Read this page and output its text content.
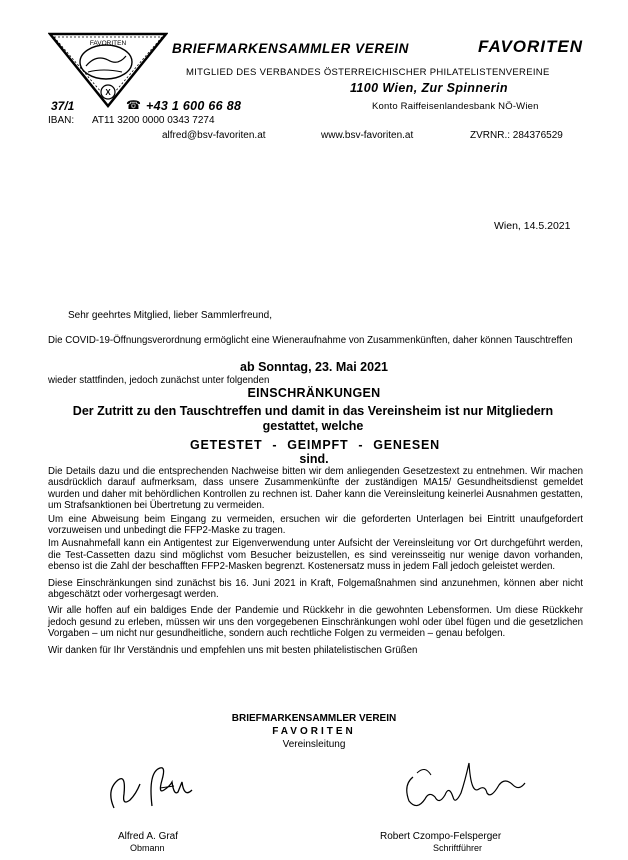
FAVORITEN
X
BRIEFMARKENSAMMLER VEREIN	FAVORITEN
MITGLIED DES VERBANDES ÖSTERREICHISCHER PHILATELISTENVEREINE
1100 Wien, Zur Spinnerin
37/1	☎ +43 1 600 66 88	Konto Raiffeisenlandesbank NÖ-Wien
IBAN: AT11 3200 0000 0343 7274
alfred@bsv-favoriten.at	www.bsv-favoriten.at	ZVRNR.: 284376529
Wien, 14.5.2021
Sehr geehrtes Mitglied, lieber Sammlerfreund,
Die COVID-19-Öffnungsverordnung ermöglicht eine Wieneraufnahme von Zusammenkünften, daher können Tauschtreffen
ab Sonntag, 23. Mai 2021
wieder stattfinden, jedoch zunächst unter folgenden
EINSCHRÄNKUNGEN
Der Zutritt zu den Tauschtreffen und damit in das Vereinsheim ist nur Mitgliedern gestattet, welche
GETESTET - GEIMPFT - GENESEN
sind.

Die Details dazu und die entsprechenden Nachweise bitten wir dem anliegenden Gesetzestext zu entnehmen. Wir machen ausdrücklich darauf aufmerksam, dass unsere Zusammenkünfte der zuständigen MA15/ Gesundheitsdienst gemeldet wurden und daher mit behördlichen Kontrollen zu rechnen ist. Daher kann die Vereinsleitung keinerlei Ausnahmen gestatten, um Strafsanktionen bei Übertretung zu vermeiden.

Um eine Abweisung beim Eingang zu vermeiden, ersuchen wir die geforderten Unterlagen bei Eintritt unaufgefordert vorzuweisen und unbedingt die FFP2-Maske zu tragen.

Im Ausnahmefall kann ein Antigentest zur Eigenverwendung unter Aufsicht der Vereinsleitung vor Ort durchgeführt werden, die Test-Cassetten dazu sind möglichst vom Besucher beizustellen, es sind vereinsseitig nur wenige davon vorhanden, ebenso ist die Zahl der beschafften FFP2-Masken begrenzt. Kostenersatz muss in jedem Fall jedoch geleistet werden.

Diese Einschränkungen sind zunächst bis 16. Juni 2021 in Kraft, Folgemaßnahmen sind anzunehmen, können aber nicht abgeschätzt oder vorhergesagt werden.

Wir alle hoffen auf ein baldiges Ende der Pandemie und Rückkehr in die gewohnten Lebensformen. Um diese Rückkehr jedoch gesund zu erleben, müssen wir uns den vorgegebenen Einschränkungen wohl oder übel fügen und die gesetzlichen Vorgaben – um nicht nur gesundheitliche, sondern auch rechtliche Folgen zu vermeiden – genau befolgen.

Wir danken für Ihr Verständnis und empfehlen uns mit besten philatelistischen Grüßen

BRIEFMARKENSAMMLER VEREIN
FAVORITEN
Vereinsleitung
Alfred A. Graf
Obmann
Robert Czompo-Felsperger
Schriftführer
